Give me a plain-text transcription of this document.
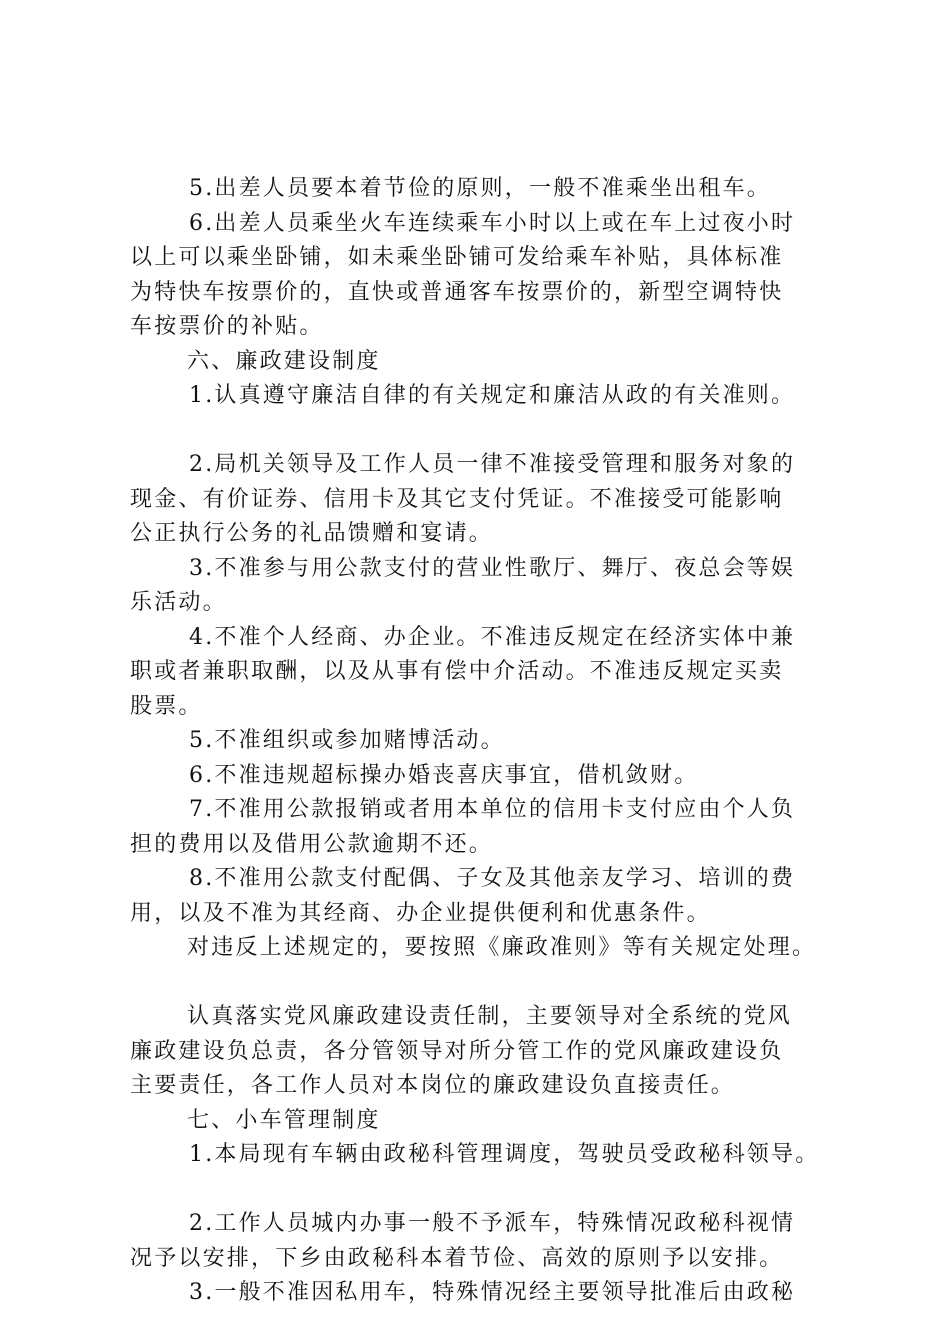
5.出差人员要本着节俭的原则，一般不准乘坐出租车。

6.出差人员乘坐火车连续乘车小时以上或在车上过夜小时

以上可以乘坐卧铺，如未乘坐卧铺可发给乘车补贴，具体标准

为特快车按票价的，直快或普通客车按票价的，新型空调特快

车按票价的补贴。

六、廉政建设制度

1.认真遵守廉洁自律的有关规定和廉洁从政的有关准则。

2.局机关领导及工作人员一律不准接受管理和服务对象的

现金、有价证券、信用卡及其它支付凭证。不准接受可能影响

公正执行公务的礼品馈赠和宴请。

3.不准参与用公款支付的营业性歌厅、舞厅、夜总会等娱

乐活动。

4.不准个人经商、办企业。不准违反规定在经济实体中兼

职或者兼职取酬，以及从事有偿中介活动。不准违反规定买卖

股票。

5.不准组织或参加赌博活动。

6.不准违规超标操办婚丧喜庆事宜，借机敛财。

7.不准用公款报销或者用本单位的信用卡支付应由个人负

担的费用以及借用公款逾期不还。

8.不准用公款支付配偶、子女及其他亲友学习、培训的费

用，以及不准为其经商、办企业提供便利和优惠条件。

对违反上述规定的，要按照《廉政准则》等有关规定处理。

认真落实党风廉政建设责任制，主要领导对全系统的党风

廉政建设负总责，各分管领导对所分管工作的党风廉政建设负

主要责任，各工作人员对本岗位的廉政建设负直接责任。

七、小车管理制度

1.本局现有车辆由政秘科管理调度，驾驶员受政秘科领导。

2.工作人员城内办事一般不予派车，特殊情况政秘科视情

况予以安排，下乡由政秘科本着节俭、高效的原则予以安排。

3.一般不准因私用车，特殊情况经主要领导批准后由政秘
